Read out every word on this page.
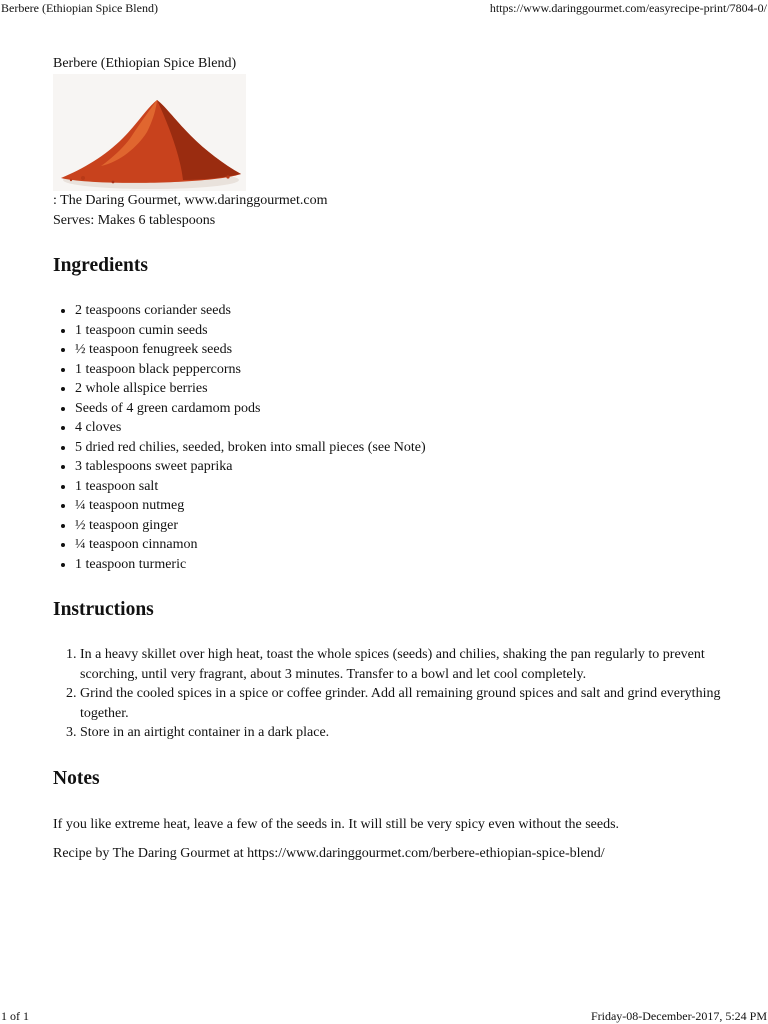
Berbere (Ethiopian Spice Blend)	https://www.daringgourmet.com/easyrecipe-print/7804-0/

Berbere (Ethiopian Spice Blend)

: The Daring Gourmet, www.daringgourmet.com

Serves: Makes 6 tablespoons

Ingredients
• 2 teaspoons coriander seeds
• 1 teaspoon cumin seeds
• ½ teaspoon fenugreek seeds
• 1 teaspoon black peppercorns
• 2 whole allspice berries
• Seeds of 4 green cardamom pods
• 4 cloves
• 5 dried red chilies, seeded, broken into small pieces (see Note)
• 3 tablespoons sweet paprika
• 1 teaspoon salt
• ¼ teaspoon nutmeg
• ½ teaspoon ginger
• ¼ teaspoon cinnamon
• 1 teaspoon turmeric
Instructions
1. In a heavy skillet over high heat, toast the whole spices (seeds) and chilies, shaking the pan regularly to prevent scorching, until very fragrant, about 3 minutes. Transfer to a bowl and let cool completely.
2. Grind the cooled spices in a spice or coffee grinder. Add all remaining ground spices and salt and grind everything together.
3. Store in an airtight container in a dark place.
Notes

If you like extreme heat, leave a few of the seeds in. It will still be very spicy even without the seeds.

Recipe by The Daring Gourmet at https://www.daringgourmet.com/berbere-ethiopian-spice-blend/

1 of 1	Friday-08-December-2017, 5:24 PM
